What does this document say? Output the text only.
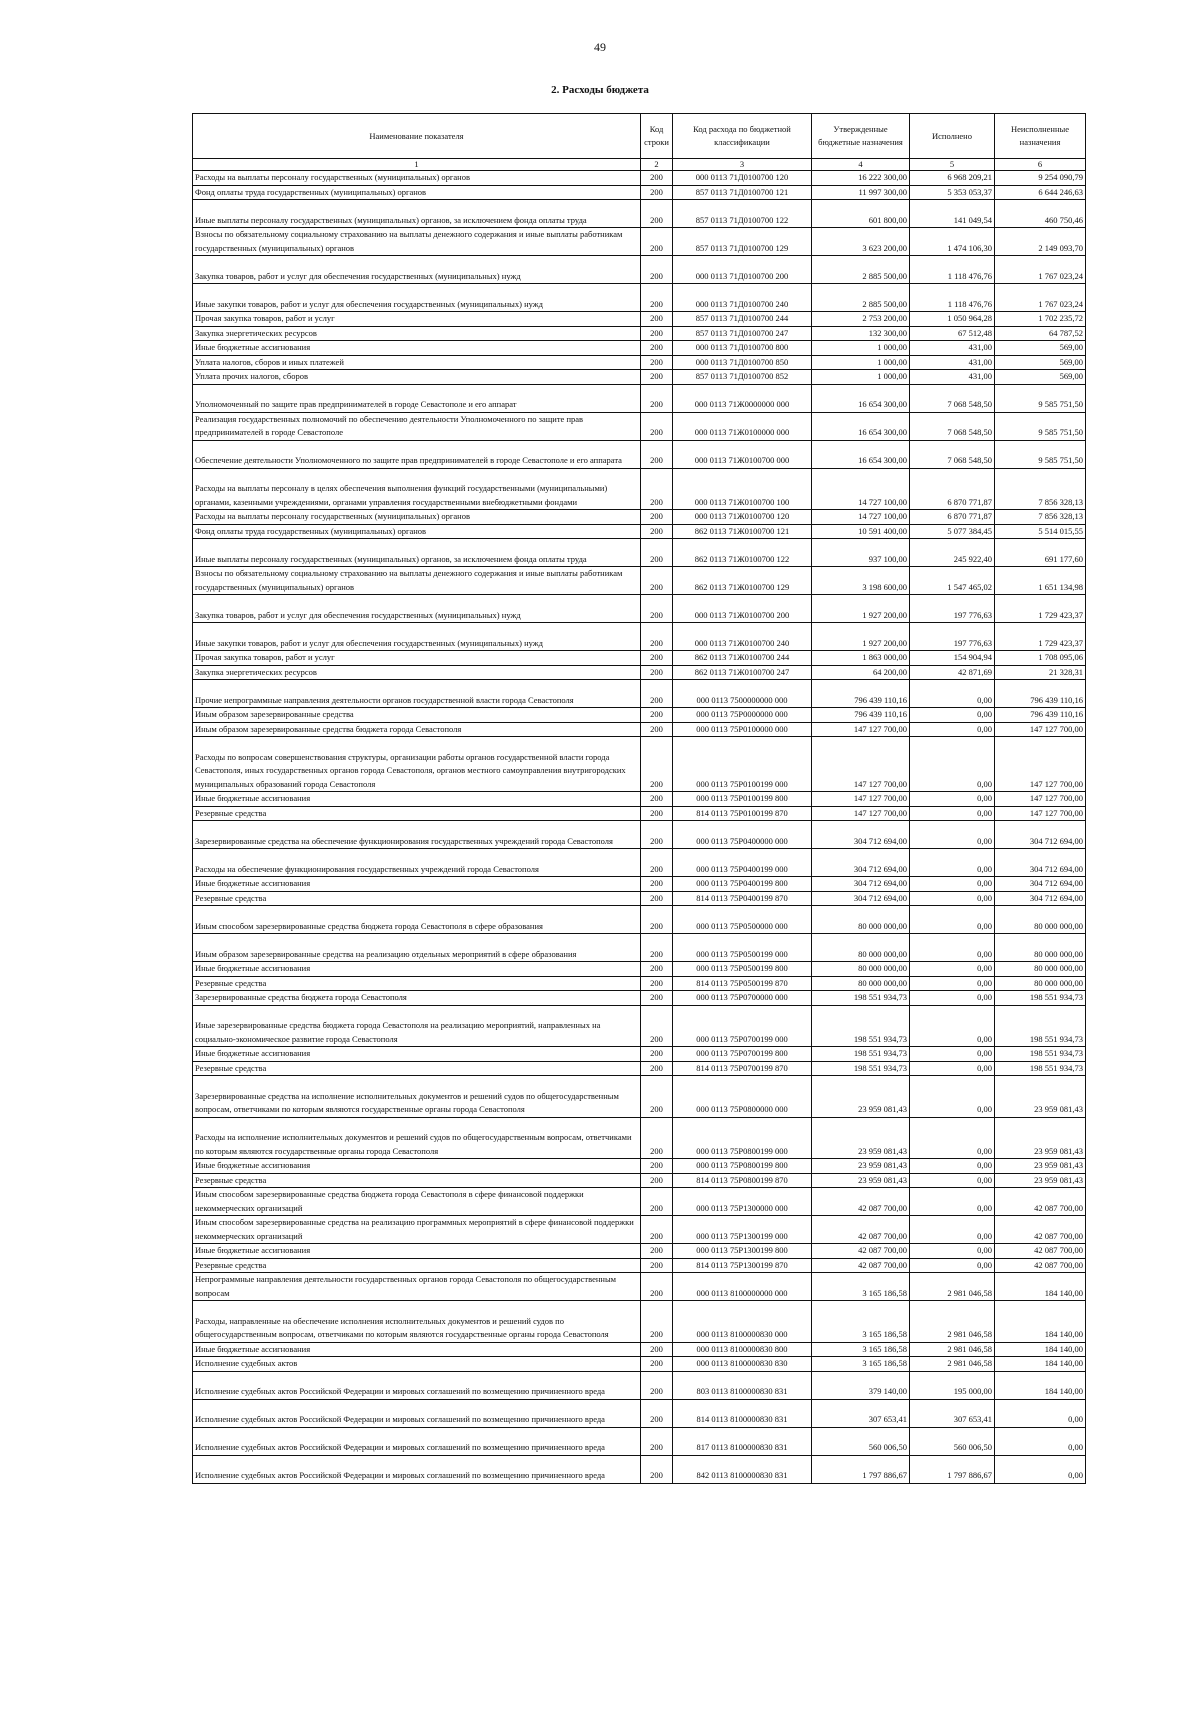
49
2. Расходы бюджета
Наименование показателя	Код строки	Код расхода по бюджетной классификации	Утвержденные бюджетные назначения	Исполнено	Неисполненные назначения
1	2	3	4	5	6
Расходы на выплаты персоналу государственных (муниципальных) органов	200	000 0113 71Д0100700 120	16 222 300,00	6 968 209,21	9 254 090,79
Фонд оплаты труда государственных (муниципальных) органов	200	857 0113 71Д0100700 121	11 997 300,00	5 353 053,37	6 644 246,63
Иные выплаты персоналу государственных (муниципальных) органов, за исключением фонда оплаты труда	200	857 0113 71Д0100700 122	601 800,00	141 049,54	460 750,46
Взносы по обязательному социальному страхованию на выплаты денежного содержания и иные выплаты работникам государственных (муниципальных) органов	200	857 0113 71Д0100700 129	3 623 200,00	1 474 106,30	2 149 093,70
Закупка товаров, работ и услуг для обеспечения государственных (муниципальных) нужд	200	000 0113 71Д0100700 200	2 885 500,00	1 118 476,76	1 767 023,24
Иные закупки товаров, работ и услуг для обеспечения государственных (муниципальных) нужд	200	000 0113 71Д0100700 240	2 885 500,00	1 118 476,76	1 767 023,24
Прочая закупка товаров, работ и услуг	200	857 0113 71Д0100700 244	2 753 200,00	1 050 964,28	1 702 235,72
Закупка энергетических ресурсов	200	857 0113 71Д0100700 247	132 300,00	67 512,48	64 787,52
Иные бюджетные ассигнования	200	000 0113 71Д0100700 800	1 000,00	431,00	569,00
Уплата налогов, сборов и иных платежей	200	000 0113 71Д0100700 850	1 000,00	431,00	569,00
Уплата прочих налогов, сборов	200	857 0113 71Д0100700 852	1 000,00	431,00	569,00
Уполномоченный по защите прав предпринимателей в городе Севастополе и его аппарат	200	000 0113 71Ж0000000 000	16 654 300,00	7 068 548,50	9 585 751,50
Реализация государственных полномочий по обеспечению деятельности Уполномоченного по защите прав предпринимателей в городе Севастополе	200	000 0113 71Ж0100000 000	16 654 300,00	7 068 548,50	9 585 751,50
Обеспечение деятельности Уполномоченного по защите прав предпринимателей в городе Севастополе и его аппарата	200	000 0113 71Ж0100700 000	16 654 300,00	7 068 548,50	9 585 751,50
Расходы на выплаты персоналу в целях обеспечения выполнения функций государственными (муниципальными) органами, казенными учреждениями, органами управления государственными внебюджетными фондами	200	000 0113 71Ж0100700 100	14 727 100,00	6 870 771,87	7 856 328,13
Расходы на выплаты персоналу государственных (муниципальных) органов	200	000 0113 71Ж0100700 120	14 727 100,00	6 870 771,87	7 856 328,13
Фонд оплаты труда государственных (муниципальных) органов	200	862 0113 71Ж0100700 121	10 591 400,00	5 077 384,45	5 514 015,55
Иные выплаты персоналу государственных (муниципальных) органов, за исключением фонда оплаты труда	200	862 0113 71Ж0100700 122	937 100,00	245 922,40	691 177,60
Взносы по обязательному социальному страхованию на выплаты денежного содержания и иные выплаты работникам государственных (муниципальных) органов	200	862 0113 71Ж0100700 129	3 198 600,00	1 547 465,02	1 651 134,98
Закупка товаров, работ и услуг для обеспечения государственных (муниципальных) нужд	200	000 0113 71Ж0100700 200	1 927 200,00	197 776,63	1 729 423,37
Иные закупки товаров, работ и услуг для обеспечения государственных (муниципальных) нужд	200	000 0113 71Ж0100700 240	1 927 200,00	197 776,63	1 729 423,37
Прочая закупка товаров, работ и услуг	200	862 0113 71Ж0100700 244	1 863 000,00	154 904,94	1 708 095,06
Закупка энергетических ресурсов	200	862 0113 71Ж0100700 247	64 200,00	42 871,69	21 328,31
Прочие непрограммные направления деятельности органов государственной власти города Севастополя	200	000 0113 7500000000 000	796 439 110,16	0,00	796 439 110,16
Иным образом зарезервированные средства	200	000 0113 75P0000000 000	796 439 110,16	0,00	796 439 110,16
Иным образом зарезервированные средства бюджета города Севастополя	200	000 0113 75P0100000 000	147 127 700,00	0,00	147 127 700,00
Расходы по вопросам совершенствования структуры, организации работы органов государственной власти города Севастополя, иных государственных органов города Севастополя, органов местного самоуправления внутригородских муниципальных образований города Севастополя	200	000 0113 75P0100199 000	147 127 700,00	0,00	147 127 700,00
Иные бюджетные ассигнования	200	000 0113 75P0100199 800	147 127 700,00	0,00	147 127 700,00
Резервные средства	200	814 0113 75P0100199 870	147 127 700,00	0,00	147 127 700,00
Зарезервированные средства на обеспечение функционирования государственных учреждений города Севастополя	200	000 0113 75P0400000 000	304 712 694,00	0,00	304 712 694,00
Расходы на обеспечение функционирования государственных учреждений города Севастополя	200	000 0113 75P0400199 000	304 712 694,00	0,00	304 712 694,00
Иные бюджетные ассигнования	200	000 0113 75P0400199 800	304 712 694,00	0,00	304 712 694,00
Резервные средства	200	814 0113 75P0400199 870	304 712 694,00	0,00	304 712 694,00
Иным способом зарезервированные средства бюджета города Севастополя в сфере образования	200	000 0113 75P0500000 000	80 000 000,00	0,00	80 000 000,00
Иным образом зарезервированные средства на реализацию отдельных мероприятий в сфере образования	200	000 0113 75P0500199 000	80 000 000,00	0,00	80 000 000,00
Иные бюджетные ассигнования	200	000 0113 75P0500199 800	80 000 000,00	0,00	80 000 000,00
Резервные средства	200	814 0113 75P0500199 870	80 000 000,00	0,00	80 000 000,00
Зарезервированные средства бюджета города Севастополя	200	000 0113 75P0700000 000	198 551 934,73	0,00	198 551 934,73
Иные зарезервированные средства бюджета города Севастополя на реализацию мероприятий, направленных на социально-экономическое развитие города Севастополя	200	000 0113 75P0700199 000	198 551 934,73	0,00	198 551 934,73
Иные бюджетные ассигнования	200	000 0113 75P0700199 800	198 551 934,73	0,00	198 551 934,73
Резервные средства	200	814 0113 75P0700199 870	198 551 934,73	0,00	198 551 934,73
Зарезервированные средства на исполнение исполнительных документов и решений судов по общегосударственным вопросам, ответчиками по которым являются государственные органы города Севастополя	200	000 0113 75P0800000 000	23 959 081,43	0,00	23 959 081,43
Расходы на исполнение исполнительных документов и решений судов по общегосударственным вопросам, ответчиками по которым являются государственные органы города Севастополя	200	000 0113 75P0800199 000	23 959 081,43	0,00	23 959 081,43
Иные бюджетные ассигнования	200	000 0113 75P0800199 800	23 959 081,43	0,00	23 959 081,43
Резервные средства	200	814 0113 75P0800199 870	23 959 081,43	0,00	23 959 081,43
Иным способом зарезервированные средства бюджета города Севастополя в сфере финансовой поддержки некоммерческих организаций	200	000 0113 75P1300000 000	42 087 700,00	0,00	42 087 700,00
Иным способом зарезервированные средства на реализацию программных мероприятий в сфере финансовой поддержки некоммерческих организаций	200	000 0113 75P1300199 000	42 087 700,00	0,00	42 087 700,00
Иные бюджетные ассигнования	200	000 0113 75P1300199 800	42 087 700,00	0,00	42 087 700,00
Резервные средства	200	814 0113 75P1300199 870	42 087 700,00	0,00	42 087 700,00
Непрограммные направления деятельности государственных органов города Севастополя по общегосударственным вопросам	200	000 0113 8100000000 000	3 165 186,58	2 981 046,58	184 140,00
Расходы, направленные на обеспечение исполнения исполнительных документов и решений судов по общегосударственным вопросам, ответчиками по которым являются государственные органы города Севастополя	200	000 0113 8100000830 000	3 165 186,58	2 981 046,58	184 140,00
Иные бюджетные ассигнования	200	000 0113 8100000830 800	3 165 186,58	2 981 046,58	184 140,00
Исполнение судебных актов	200	000 0113 8100000830 830	3 165 186,58	2 981 046,58	184 140,00
Исполнение судебных актов Российской Федерации и мировых соглашений по возмещению причиненного вреда	200	803 0113 8100000830 831	379 140,00	195 000,00	184 140,00
Исполнение судебных актов Российской Федерации и мировых соглашений по возмещению причиненного вреда	200	814 0113 8100000830 831	307 653,41	307 653,41	0,00
Исполнение судебных актов Российской Федерации и мировых соглашений по возмещению причиненного вреда	200	817 0113 8100000830 831	560 006,50	560 006,50	0,00
Исполнение судебных актов Российской Федерации и мировых соглашений по возмещению причиненного вреда	200	842 0113 8100000830 831	1 797 886,67	1 797 886,67	0,00
